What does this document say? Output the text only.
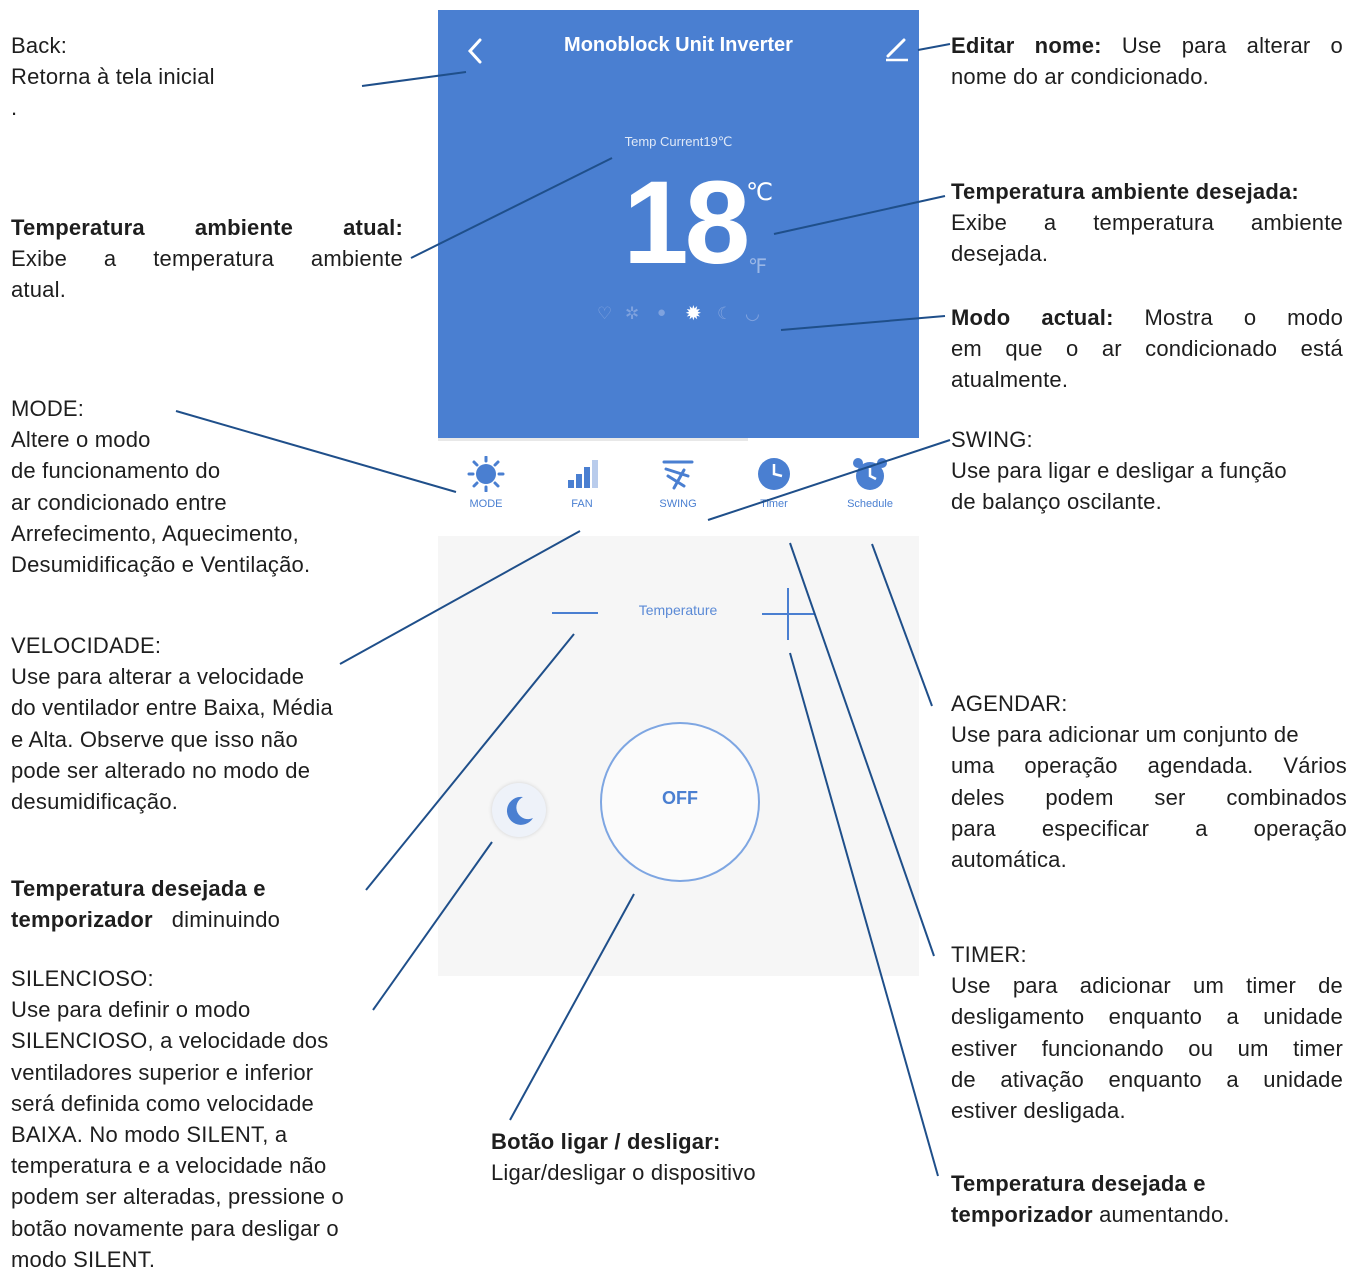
Monoblock Unit Inverter
Temp Current19℃
18 ℃
℉
♡ ✲ ● ✹ ☾ ◡
MODE	FAN	SWING	Timer	Schedule
Temperature
OFF
Back:
Retorna à tela inicial
.
Editar nome: Use para alterar o
nome do ar condicionado.
Temperatura ambiente atual:
Exibe a temperatura ambiente
atual.
Temperatura ambiente desejada:
Exibe a temperatura ambiente
desejada.
Modo actual: Mostra o modo
em que o ar condicionado está
atualmente.
MODE:
Altere o modo
de funcionamento do
ar condicionado entre
Arrefecimento, Aquecimento,
Desumidificação e Ventilação.
SWING:
Use para ligar e desligar a função
de balanço oscilante.
VELOCIDADE:
Use para alterar a velocidade
do ventilador entre Baixa, Média
e Alta. Observe que isso não
pode ser alterado no modo de
desumidificação.
AGENDAR:
Use para adicionar um conjunto de
uma operação agendada. Vários
deles podem ser combinados
para especificar a operação
automática.
Temperatura desejada e
temporizador diminuindo
SILENCIOSO:
Use para definir o modo
SILENCIOSO, a velocidade dos
ventiladores superior e inferior
será definida como velocidade
BAIXA. No modo SILENT, a
temperatura e a velocidade não
podem ser alteradas, pressione o
botão novamente para desligar o
modo SILENT.
TIMER:
Use para adicionar um timer de
desligamento enquanto a unidade
estiver funcionando ou um timer
de ativação enquanto a unidade
estiver desligada.
Botão ligar / desligar:
Ligar/desligar o dispositivo	Temperatura desejada e
temporizador aumentando.
